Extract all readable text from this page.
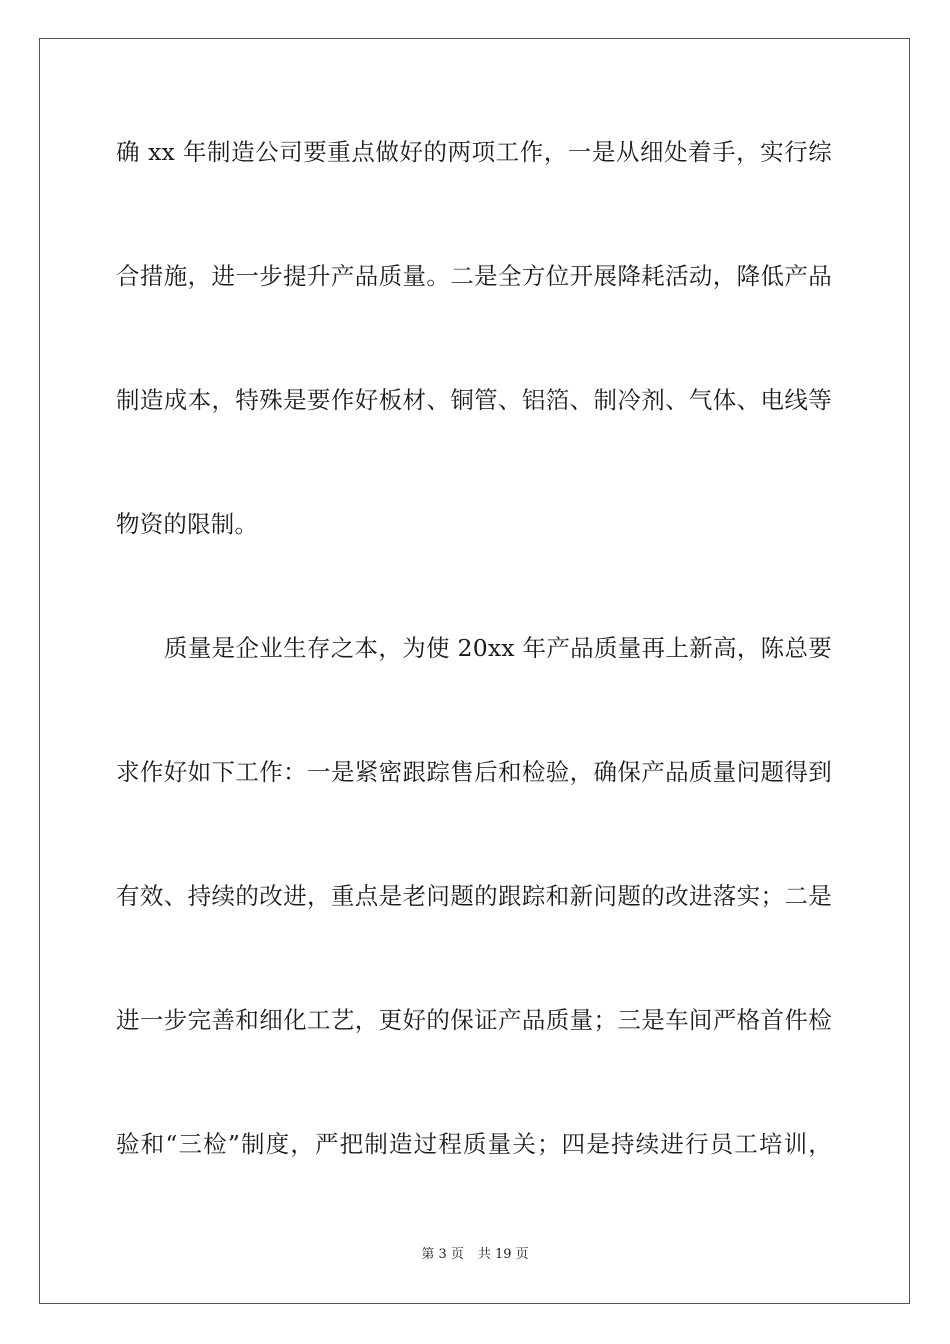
确 xx 年制造公司要重点做好的两项工作，一是从细处着手，实行综
合措施，进一步提升产品质量。二是全方位开展降耗活动，降低产品
制造成本，特殊是要作好板材、铜管、铝箔、制冷剂、气体、电线等
物资的限制。
质量是企业生存之本，为使 20xx 年产品质量再上新高，陈总要
求作好如下工作：一是紧密跟踪售后和检验，确保产品质量问题得到
有效、持续的改进，重点是老问题的跟踪和新问题的改进落实；二是
进一步完善和细化工艺，更好的保证产品质量；三是车间严格首件检
验和“三检”制度，严把制造过程质量关；四是持续进行员工培训，
第 3 页 共 19 页
